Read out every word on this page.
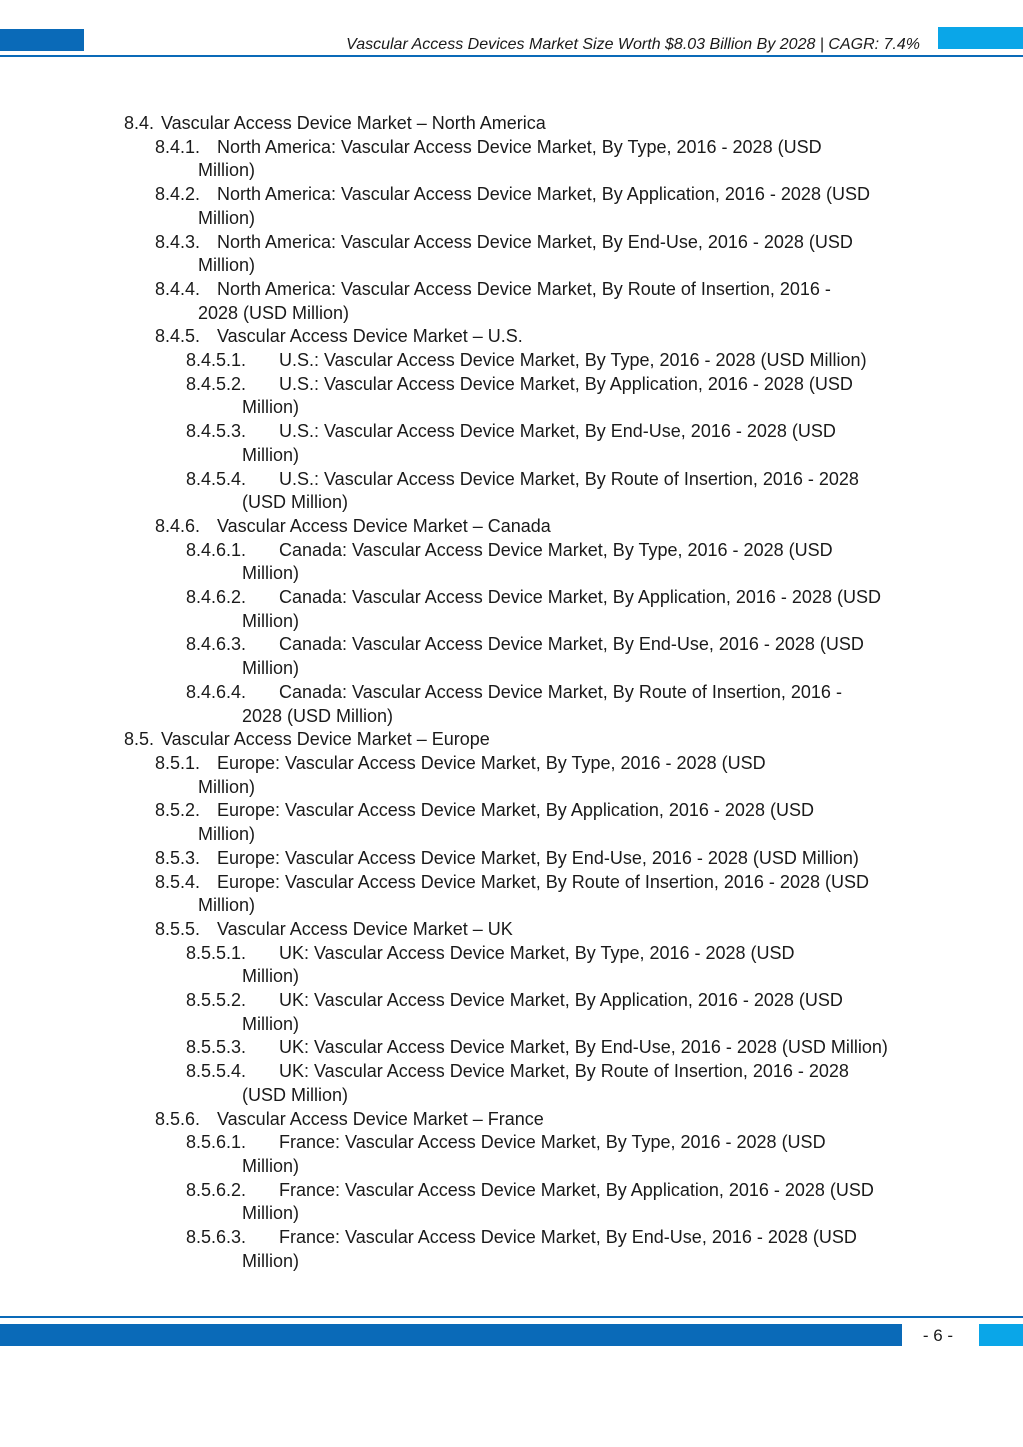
Vascular Access Devices Market Size Worth $8.03 Billion By 2028 | CAGR: 7.4%
8.4. Vascular Access Device Market – North America
8.4.1. North America: Vascular Access Device Market, By Type, 2016 - 2028 (USD
Million)
8.4.2. North America: Vascular Access Device Market, By Application, 2016 - 2028 (USD
Million)
8.4.3. North America: Vascular Access Device Market, By End-Use, 2016 - 2028 (USD
Million)
8.4.4. North America: Vascular Access Device Market, By Route of Insertion, 2016 -
2028 (USD Million)
8.4.5. Vascular Access Device Market – U.S.
8.4.5.1.	U.S.: Vascular Access Device Market, By Type, 2016 - 2028 (USD Million)
8.4.5.2.	U.S.: Vascular Access Device Market, By Application, 2016 - 2028 (USD
Million)
8.4.5.3.	U.S.: Vascular Access Device Market, By End-Use, 2016 - 2028 (USD
Million)
8.4.5.4.	U.S.: Vascular Access Device Market, By Route of Insertion, 2016 - 2028
(USD Million)
8.4.6. Vascular Access Device Market – Canada
8.4.6.1.	Canada: Vascular Access Device Market, By Type, 2016 - 2028 (USD
Million)
8.4.6.2.	Canada: Vascular Access Device Market, By Application, 2016 - 2028 (USD
Million)
8.4.6.3.	Canada: Vascular Access Device Market, By End-Use, 2016 - 2028 (USD
Million)
8.4.6.4.	Canada: Vascular Access Device Market, By Route of Insertion, 2016 -
2028 (USD Million)
8.5. Vascular Access Device Market – Europe
8.5.1. Europe: Vascular Access Device Market, By Type, 2016 - 2028 (USD
Million)
8.5.2. Europe: Vascular Access Device Market, By Application, 2016 - 2028 (USD
Million)
8.5.3. Europe: Vascular Access Device Market, By End-Use, 2016 - 2028 (USD Million)
8.5.4. Europe: Vascular Access Device Market, By Route of Insertion, 2016 - 2028 (USD
Million)
8.5.5. Vascular Access Device Market – UK
8.5.5.1.	UK: Vascular Access Device Market, By Type, 2016 - 2028 (USD
Million)
8.5.5.2.	UK: Vascular Access Device Market, By Application, 2016 - 2028 (USD
Million)
8.5.5.3.	UK: Vascular Access Device Market, By End-Use, 2016 - 2028 (USD Million)
8.5.5.4.	UK: Vascular Access Device Market, By Route of Insertion, 2016 - 2028
(USD Million)
8.5.6. Vascular Access Device Market – France
8.5.6.1.	France: Vascular Access Device Market, By Type, 2016 - 2028 (USD
Million)
8.5.6.2.	France: Vascular Access Device Market, By Application, 2016 - 2028 (USD
Million)
8.5.6.3.	France: Vascular Access Device Market, By End-Use, 2016 - 2028 (USD
Million)
- 6 -
